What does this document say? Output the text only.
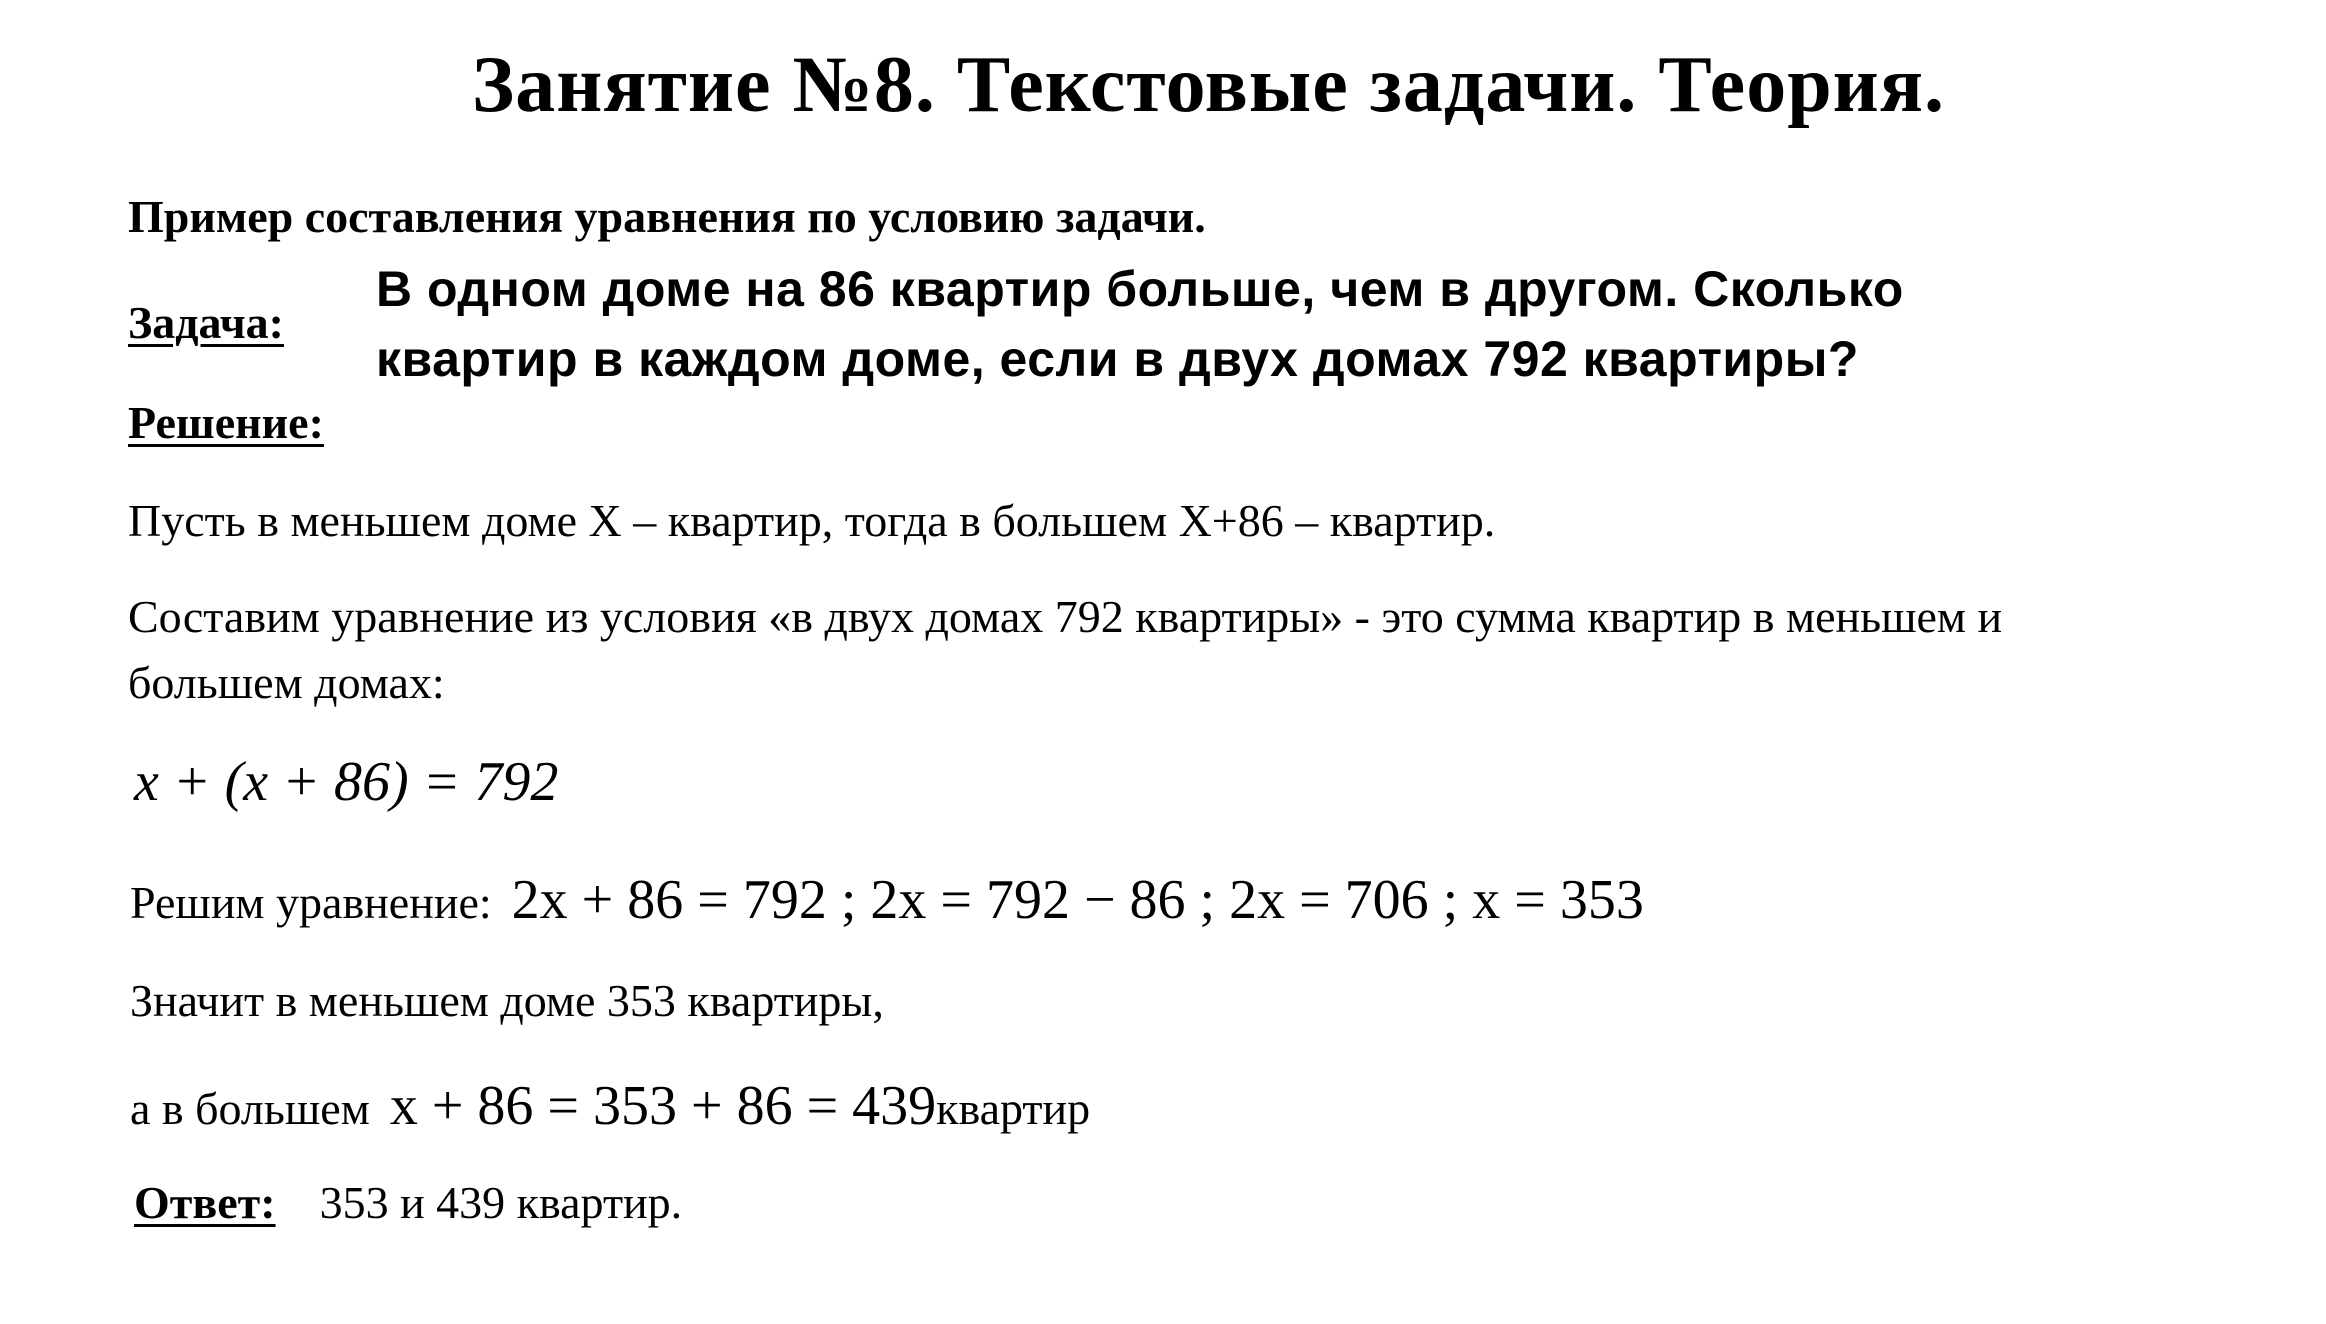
Занятие №8. Текстовые задачи. Теория.
Пример составления уравнения по условию задачи.
Задача:
В одном доме на 86 квартир больше, чем в другом. Сколько
квартир в каждом доме, если в двух домах 792 квартиры?
Решение:
Пусть в меньшем доме Х – квартир, тогда в большем Х+86 – квартир.
Составим уравнение из условия «в двух домах 792 квартиры» - это сумма квартир в меньшем и
большем домах:
x + (x + 86) = 792
Решим уравнение: 2x + 86 = 792 ; 2x = 792 − 86 ; 2x = 706 ; x = 353
Значит в меньшем доме 353 квартиры,
а в большем x + 86 = 353 + 86 = 439квартир
Ответ: 353 и 439 квартир.
